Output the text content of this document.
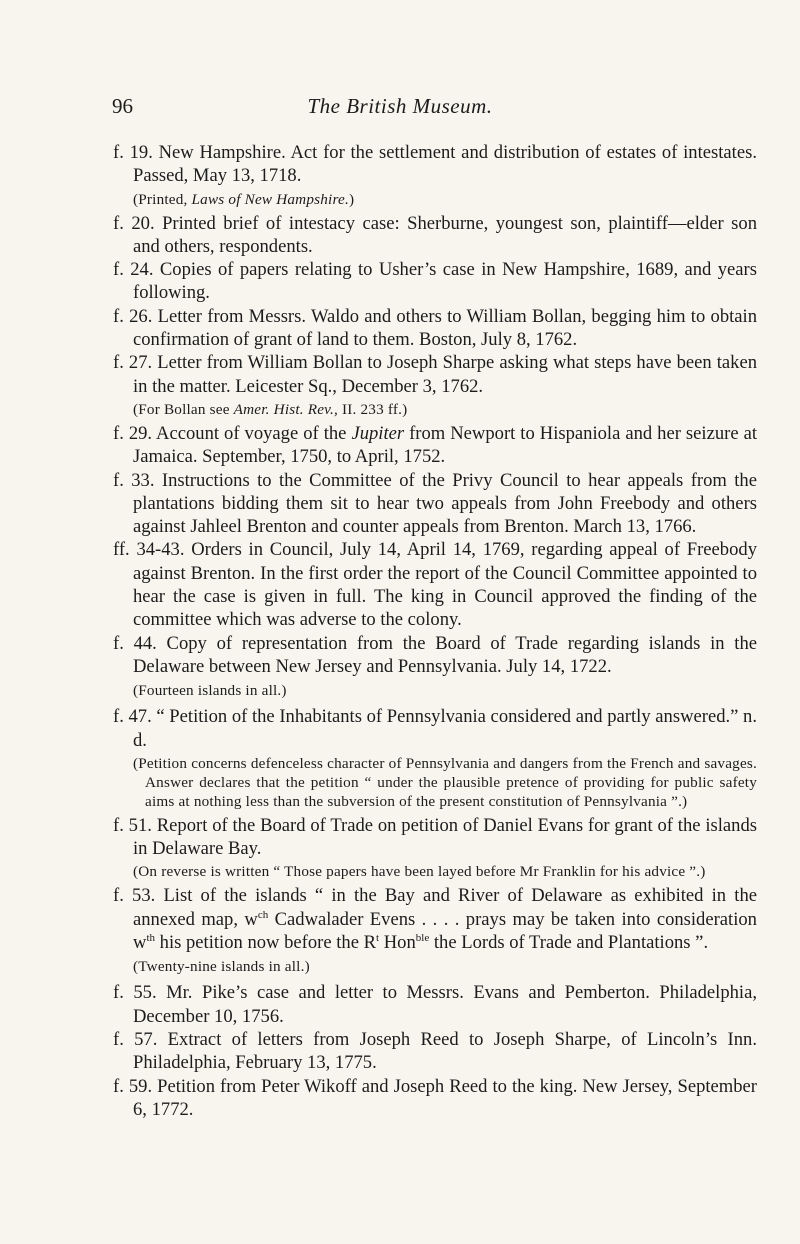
96	The British Museum.

f. 19. New Hampshire. Act for the settlement and distribution of estates of intestates. Passed, May 13, 1718.

(Printed, Laws of New Hampshire.)

f. 20. Printed brief of intestacy case: Sherburne, youngest son, plaintiff—elder son and others, respondents.

f. 24. Copies of papers relating to Usher’s case in New Hampshire, 1689, and years following.

f. 26. Letter from Messrs. Waldo and others to William Bollan, begging him to obtain confirmation of grant of land to them. Boston, July 8, 1762.

f. 27. Letter from William Bollan to Joseph Sharpe asking what steps have been taken in the matter. Leicester Sq., December 3, 1762.

(For Bollan see Amer. Hist. Rev., II. 233 ff.)

f. 29. Account of voyage of the Jupiter from Newport to Hispaniola and her seizure at Jamaica. September, 1750, to April, 1752.

f. 33. Instructions to the Committee of the Privy Council to hear appeals from the plantations bidding them sit to hear two appeals from John Freebody and others against Jahleel Brenton and counter appeals from Brenton. March 13, 1766.

ff. 34-43. Orders in Council, July 14, April 14, 1769, regarding appeal of Freebody against Brenton. In the first order the report of the Council Committee appointed to hear the case is given in full. The king in Council approved the finding of the committee which was adverse to the colony.

f. 44. Copy of representation from the Board of Trade regarding islands in the Delaware between New Jersey and Pennsylvania. July 14, 1722.

(Fourteen islands in all.)

f. 47. “ Petition of the Inhabitants of Pennsylvania considered and partly answered.” n. d.

(Petition concerns defenceless character of Pennsylvania and dangers from the French and savages. Answer declares that the petition “ under the plausible pretence of providing for public safety aims at nothing less than the subversion of the present constitution of Pennsylvania ”.)

f. 51. Report of the Board of Trade on petition of Daniel Evans for grant of the islands in Delaware Bay.

(On reverse is written “ Those papers have been layed before Mr Franklin for his advice ”.)

f. 53. List of the islands “ in the Bay and River of Delaware as exhibited in the annexed map, $w^{ch}$ Cadwalader Evens . . . . prays may be taken into consideration $w^{th}$ his petition now before the $R^t$ Hon$^{ble}$ the Lords of Trade and Plantations ”.

(Twenty-nine islands in all.)

f. 55. Mr. Pike’s case and letter to Messrs. Evans and Pemberton. Philadelphia, December 10, 1756.

f. 57. Extract of letters from Joseph Reed to Joseph Sharpe, of Lincoln’s Inn. Philadelphia, February 13, 1775.

f. 59. Petition from Peter Wikoff and Joseph Reed to the king. New Jersey, September 6, 1772.
